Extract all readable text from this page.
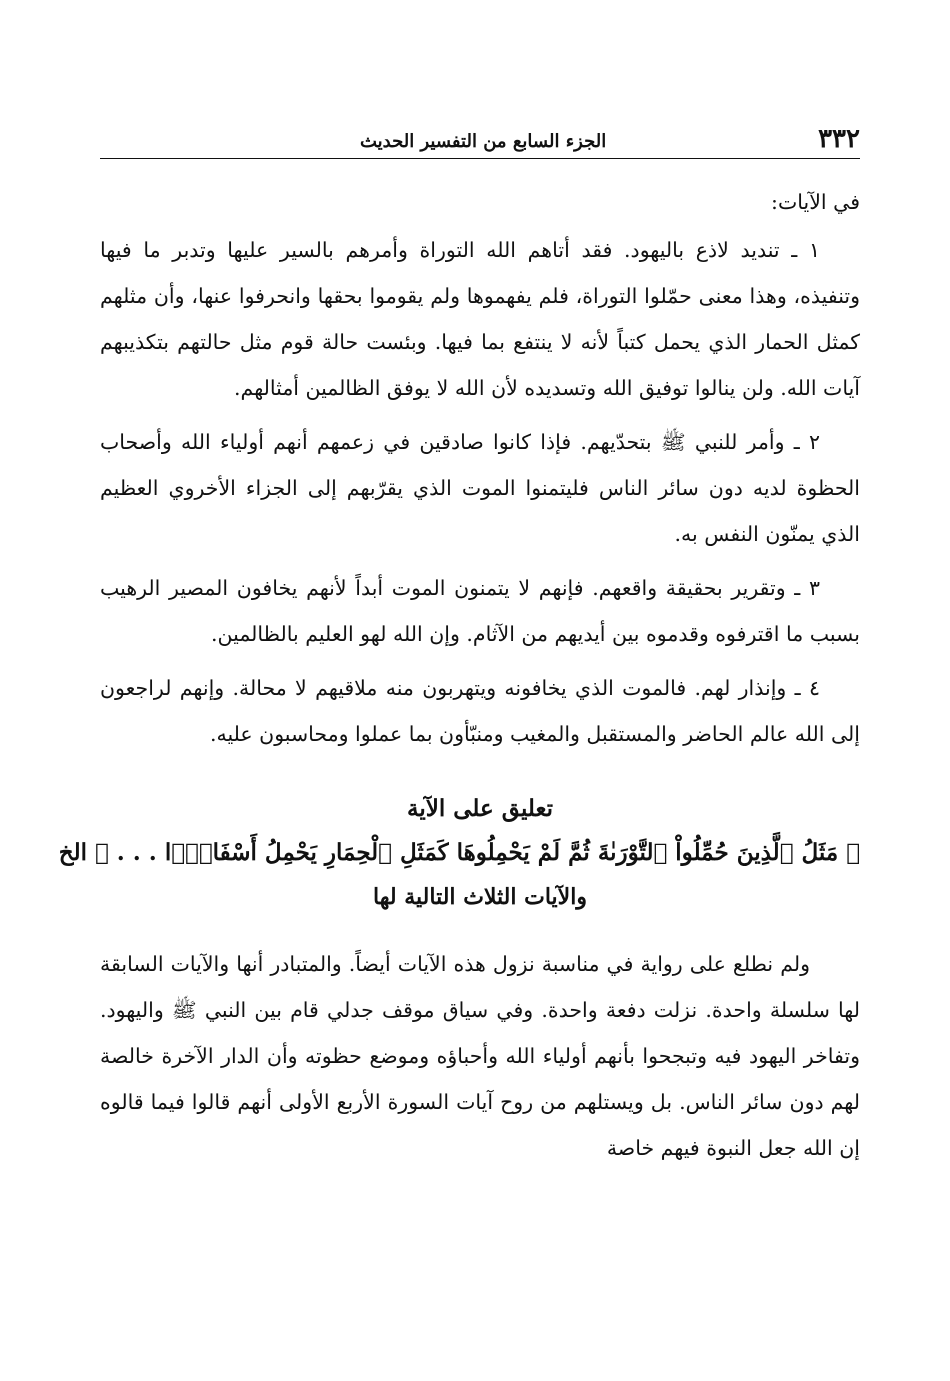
٣٣٢
الجزء السابع من التفسير الحديث

في الآيات:

١ ـ تنديد لاذع باليهود. فقد أتاهم الله التوراة وأمرهم بالسير عليها وتدبر ما فيها وتنفيذه، وهذا معنى حمّلوا التوراة، فلم يفهموها ولم يقوموا بحقها وانحرفوا عنها، وأن مثلهم كمثل الحمار الذي يحمل كتباً لأنه لا ينتفع بما فيها. وبئست حالة قوم مثل حالتهم بتكذيبهم آيات الله. ولن ينالوا توفيق الله وتسديده لأن الله لا يوفق الظالمين أمثالهم.

٢ ـ وأمر للنبي ﷺ بتحدّيهم. فإذا كانوا صادقين في زعمهم أنهم أولياء الله وأصحاب الحظوة لديه دون سائر الناس فليتمنوا الموت الذي يقرّبهم إلى الجزاء الأخروي العظيم الذي يمنّون النفس به.

٣ ـ وتقرير بحقيقة واقعهم. فإنهم لا يتمنون الموت أبداً لأنهم يخافون المصير الرهيب بسبب ما اقترفوه وقدموه بين أيديهم من الآثام. وإن الله لهو العليم بالظالمين.

٤ ـ وإنذار لهم. فالموت الذي يخافونه ويتهربون منه ملاقيهم لا محالة. وإنهم لراجعون إلى الله عالم الحاضر والمستقبل والمغيب ومنبّأون بما عملوا ومحاسبون عليه.

تعليق على الآية
﴿ مَثَلُ ٱلَّذِينَ حُمِّلُواْ ٱلتَّوْرَىٰةَ ثُمَّ لَمْ يَحْمِلُوهَا كَمَثَلِ ٱلْحِمَارِ يَحْمِلُ أَسْفَارًۢا . . . ﴾ الخ
والآيات الثلاث التالية لها

ولم نطلع على رواية في مناسبة نزول هذه الآيات أيضاً. والمتبادر أنها والآيات السابقة لها سلسلة واحدة. نزلت دفعة واحدة. وفي سياق موقف جدلي قام بين النبي ﷺ واليهود. وتفاخر اليهود فيه وتبجحوا بأنهم أولياء الله وأحباؤه وموضع حظوته وأن الدار الآخرة خالصة لهم دون سائر الناس. بل ويستلهم من روح آيات السورة الأربع الأولى أنهم قالوا فيما قالوه إن الله جعل النبوة فيهم خاصة
